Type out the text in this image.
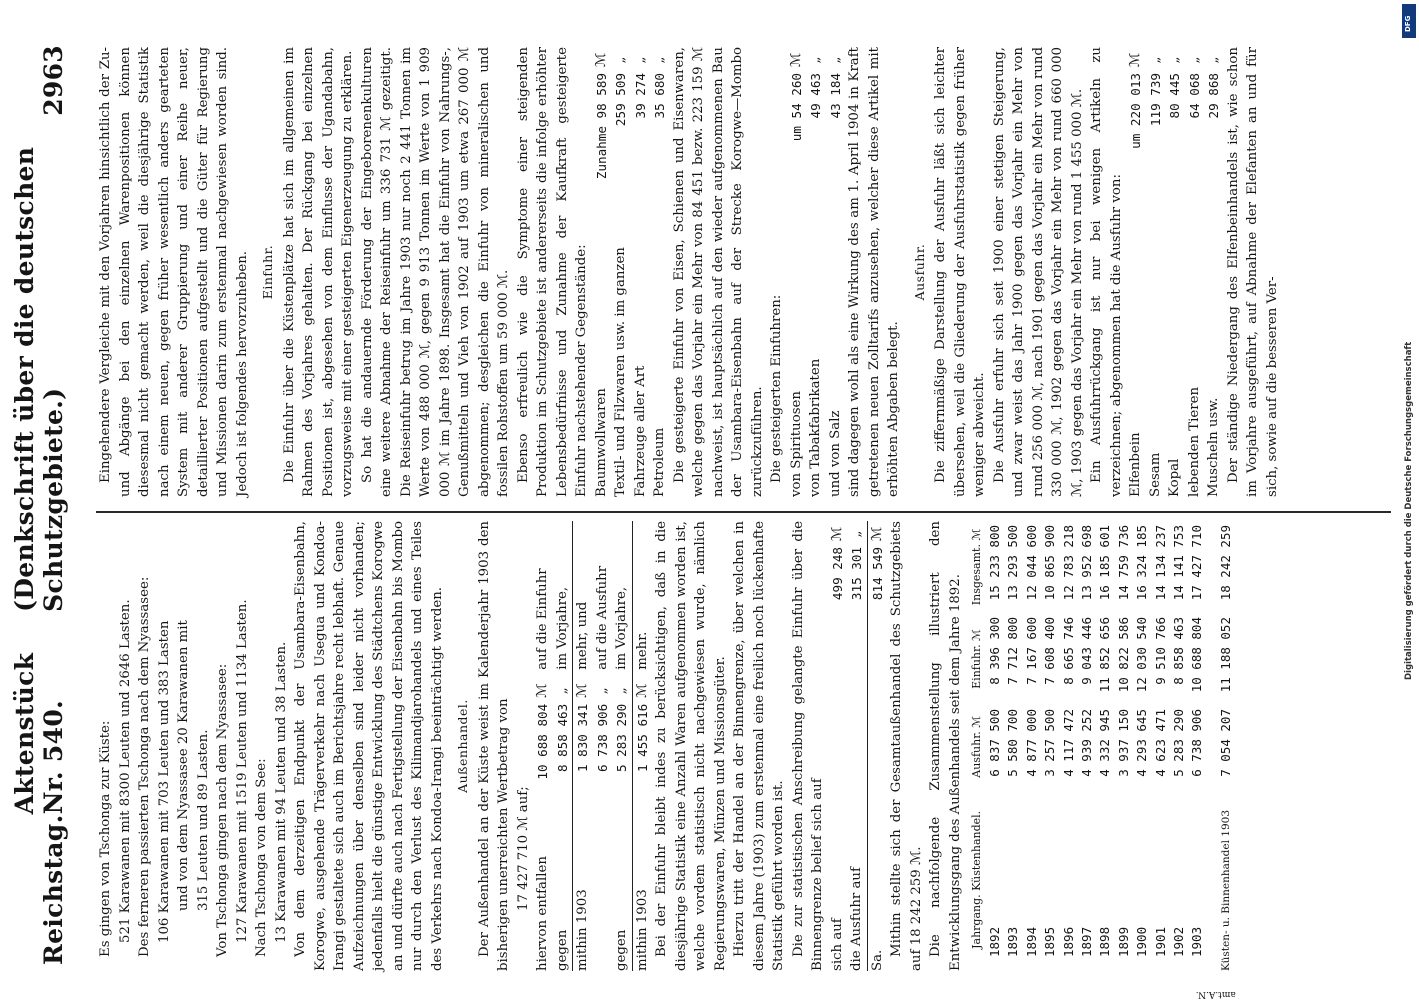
Reichstag.
Aktenstück Nr. 540.
(Denkschrift über die deutschen Schutzgebiete.)
2963

Es gingen von Tschonga zur Küste: 521 Karawanen mit 8300 Leuten und 2646 Lasten. Des ferneren passierten Tschonga nach dem Nyassasee: 106 Karawanen mit 703 Leuten und 383 Lasten und von dem Nyassasee 20 Karawanen mit 315 Leuten und 89 Lasten. Von Tschonga gingen nach dem Nyassasee: 127 Karawanen mit 1519 Leuten und 1134 Lasten. Nach Tschonga von dem See: 13 Karawanen mit 94 Leuten und 38 Lasten. Von dem derzeitigen Endpunkt der Usambara-Eisenbahn, Korogwe, ausgehende Trägerverkehr nach Usegua und Kondoa-Irangi gestaltete sich auch im Berichtsjahre recht lebhaft. Genaue Aufzeichnungen über denselben sind leider nicht vorhanden; jedenfalls hielt die günstige Entwicklung des Städtchens Korogwe an und dürfte auch nach Fertigstellung der Eisenbahn bis Mombo nur durch den Verlust des Kilimandjarohandels und eines Teiles des Verkehrs nach Kondoa-Irangi beeinträchtigt werden. Außenhandel. Der Außenhandel an der Küste weist im Kalenderjahr 1903 den bisherigen unerreichten Wertbetrag von 17 427 710 ℳ auf;

hiervon entfallen	10 688 804	ℳ	auf die Einfuhr
gegen	8 858 463	„	im Vorjahre,
mithin 1903	1 830 341	ℳ	mehr, und
	6 738 906	„	auf die Ausfuhr
gegen	5 283 290	„	im Vorjahre,
mithin 1903	1 455 616	ℳ	mehr. Bei der Einfuhr bleibt indes zu berücksichtigen, daß in die diesjährige Statistik eine Anzahl Waren aufgenommen worden ist, welche vordem statistisch nicht nachgewiesen wurde, nämlich Regierungswaren, Münzen und Missionsgüter. Hierzu tritt der Handel an der Binnengrenze, über welchen in diesem Jahre (1903) zum erstenmal eine freilich noch lückenhafte Statistik geführt worden ist. Die zur statistischen Anschreibung gelangte Einfuhr über die Binnengrenze belief sich auf sich auf	499 248	ℳ
die Ausfuhr auf	315 301	„
Sa.	814 549	ℳ Mithin stellte sich der Gesamtaußenhandel des Schutzgebiets auf 18 242 259 ℳ. Die nachfolgende Zusammenstellung illustriert den Entwicklungsgang des Außenhandels seit dem Jahre 1892. Jahrgang. Küstenhandel.	Ausfuhr. ℳ	Einfuhr. ℳ	Insgesamt. ℳ
1892	6 837 500	8 396 300	15 233 800
1893	5 580 700	7 712 800	13 293 500
1894	4 877 000	7 167 600	12 044 600
1895	3 257 500	7 608 400	10 865 900
1896	4 117 472	8 665 746	12 783 218
1897	4 939 252	9 043 446	13 952 698
1898	4 332 945	11 852 656	16 185 601
1899	3 937 150	10 822 586	14 759 736
1900	4 293 645	12 030 540	16 324 185
1901	4 623 471	9 510 766	14 134 237
1902	5 283 290	8 858 463	14 141 753
1903	6 738 906	10 688 804	17 427 710
Küsten- u. Binnenhandel 1903	7 054 207	11 188 052	18 242 259
amt.A.N.

Eingehendere Vergleiche mit den Vorjahren hinsichtlich der Zu- und Abgänge bei den einzelnen Warenpositionen können diesesmal nicht gemacht werden, weil die diesjährige Statistik nach einem neuen, gegen früher wesentlich anders gearteten System mit anderer Gruppierung und einer Reihe neuer, detaillierter Positionen aufgestellt und die Güter für Regierung und Missionen darin zum erstenmal nachgewiesen worden sind. Jedoch ist folgendes hervorzuheben. Einfuhr. Die Einfuhr über die Küstenplätze hat sich im allgemeinen im Rahmen des Vorjahres gehalten. Der Rückgang bei einzelnen Positionen ist, abgesehen von dem Einflusse der Ugandabahn, vorzugsweise mit einer gesteigerten Eigenerzeugung zu erklären. So hat die andauernde Förderung der Eingeborenenkulturen eine weitere Abnahme der Reiseinfuhr um 336 731 ℳ gezeitigt. Die Reiseinfuhr betrug im Jahre 1903 nur noch 2 441 Tonnen im Werte von 488 000 ℳ, gegen 9 913 Tonnen im Werte von 1 909 000 ℳ im Jahre 1898. Insgesamt hat die Einfuhr von Nahrungs-, Genußmitteln und Vieh von 1902 auf 1903 um etwa 267 000 ℳ abgenommen; desgleichen die Einfuhr von mineralischen und fossilen Rohstoffen um 59 000 ℳ. Ebenso erfreulich wie die Symptome einer steigenden Produktion im Schutzgebiete ist andererseits die infolge erhöhter Lebensbedürfnisse und Zunahme der Kaufkraft gesteigerte Einfuhr nachstehender Gegenstände: Baumwollwaren	Zunahme 98 589	ℳ
Textil- und Filzwaren usw. im ganzen	259 509	„
Fahrzeuge aller Art	39 274	„
Petroleum	35 680	„ Die gesteigerte Einfuhr von Eisen, Schienen und Eisenwaren, welche gegen das Vorjahr ein Mehr von 84 451 bezw. 223 159 ℳ nachweist, ist hauptsächlich auf den wieder aufgenommenen Bau der Usambara-Eisenbahn auf der Strecke Korogwe—Mombo zurückzuführen. Die gesteigerten Einfuhren: von Spirituosen	um 54 260	ℳ
von Tabakfabrikaten	49 463	„
und von Salz	43 184	„ sind dagegen wohl als eine Wirkung des am 1. April 1904 in Kraft getretenen neuen Zolltarifs anzusehen, welcher diese Artikel mit erhöhten Abgaben belegt.

Ausfuhr. Die ziffernmäßige Darstellung der Ausfuhr läßt sich leichter übersehen, weil die Gliederung der Ausfuhrstatistik gegen früher weniger abweicht. Die Ausfuhr erfuhr sich seit 1900 einer stetigen Steigerung, und zwar weist das Jahr 1900 gegen das Vorjahr ein Mehr von rund 256 000 ℳ, nach 1901 gegen das Vorjahr ein Mehr von rund 330 000 ℳ, 1902 gegen das Vorjahr ein Mehr von rund 660 000 ℳ, 1903 gegen das Vorjahr ein Mehr von rund 1 455 000 ℳ. Ein Ausfuhrrückgang ist nur bei wenigen Artikeln zu verzeichnen; abgenommen hat die Ausfuhr von: Elfenbein	um 220 013	ℳ
Sesam	119 739	„
Kopal	80 445	„
lebenden Tieren	64 068	„
Muscheln usw.	29 868	„ Der ständige Niedergang des Elfenbeinhandels ist, wie schon im Vorjahre ausgeführt, auf Abnahme der Elefanten an und für sich, sowie auf die besseren Ver-	Digitalisierung gefördert durch die Deutsche Forschungsgemeinschaft
DFG
